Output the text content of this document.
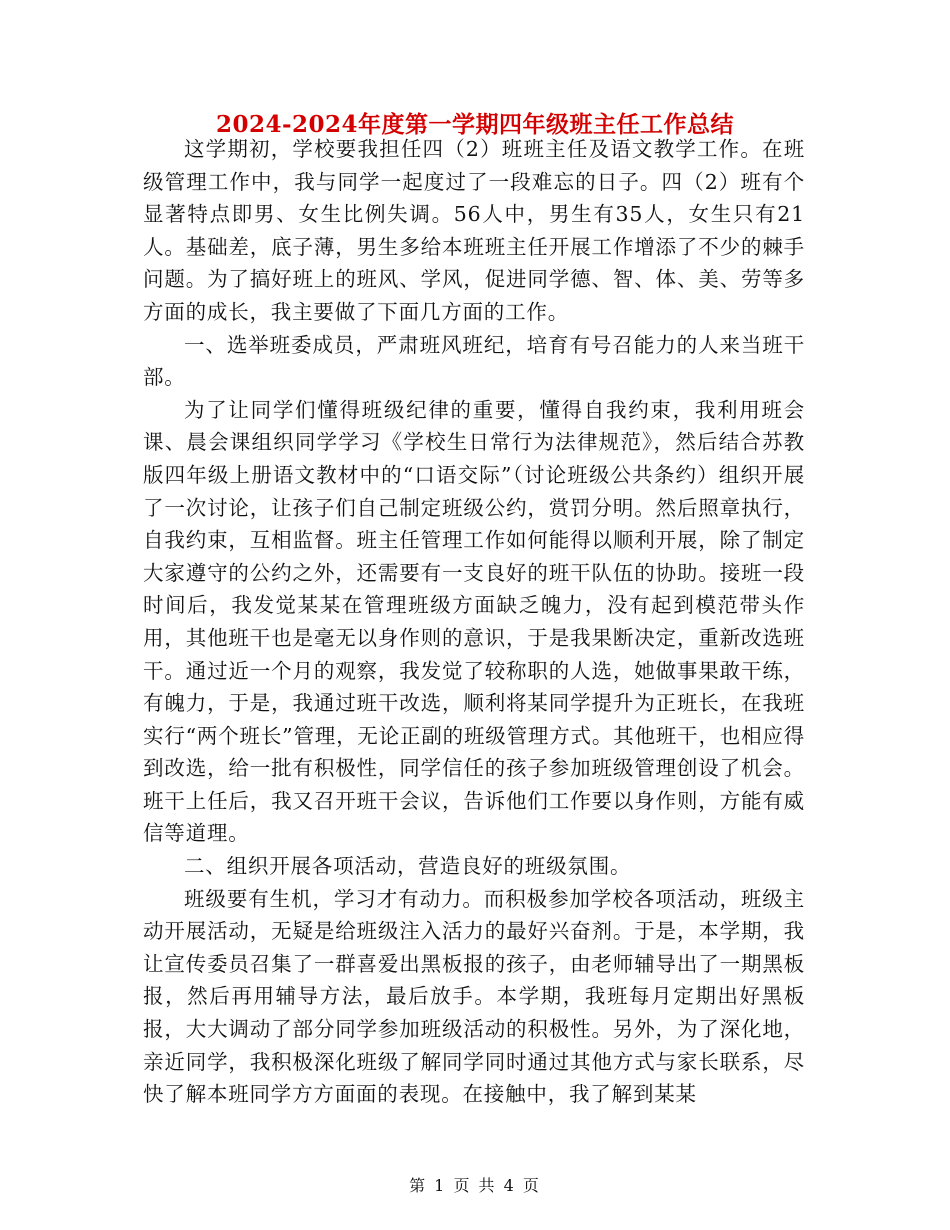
2024-2024年度第一学期四年级班主任工作总结

这学期初，学校要我担任四（2）班班主任及语文教学工作。在班级管理工作中，我与同学一起度过了一段难忘的日子。四（2）班有个显著特点即男、女生比例失调。56人中，男生有35人，女生只有21人。基础差，底子薄，男生多给本班班主任开展工作增添了不少的棘手问题。为了搞好班上的班风、学风，促进同学德、智、体、美、劳等多方面的成长，我主要做了下面几方面的工作。

一、选举班委成员，严肃班风班纪，培育有号召能力的人来当班干部。

为了让同学们懂得班级纪律的重要，懂得自我约束，我利用班会课、晨会课组织同学学习《学校生日常行为法律规范》，然后结合苏教版四年级上册语文教材中的“口语交际”（讨论班级公共条约）组织开展了一次讨论，让孩子们自己制定班级公约，赏罚分明。然后照章执行，自我约束，互相监督。班主任管理工作如何能得以顺利开展，除了制定大家遵守的公约之外，还需要有一支良好的班干队伍的协助。接班一段时间后，我发觉某某在管理班级方面缺乏魄力，没有起到模范带头作用，其他班干也是毫无以身作则的意识，于是我果断决定，重新改选班干。通过近一个月的观察，我发觉了较称职的人选，她做事果敢干练，有魄力，于是，我通过班干改选，顺利将某同学提升为正班长，在我班实行“两个班长”管理，无论正副的班级管理方式。其他班干，也相应得到改选，给一批有积极性，同学信任的孩子参加班级管理创设了机会。班干上任后，我又召开班干会议，告诉他们工作要以身作则，方能有威信等道理。

二、组织开展各项活动，营造良好的班级氛围。

班级要有生机，学习才有动力。而积极参加学校各项活动，班级主动开展活动，无疑是给班级注入活力的最好兴奋剂。于是，本学期，我让宣传委员召集了一群喜爱出黑板报的孩子，由老师辅导出了一期黑板报，然后再用辅导方法，最后放手。本学期，我班每月定期出好黑板报，大大调动了部分同学参加班级活动的积极性。另外，为了深化地，亲近同学，我积极深化班级了解同学同时通过其他方式与家长联系，尽快了解本班同学方方面面的表现。在接触中，我了解到某某

第 1 页 共 4 页
